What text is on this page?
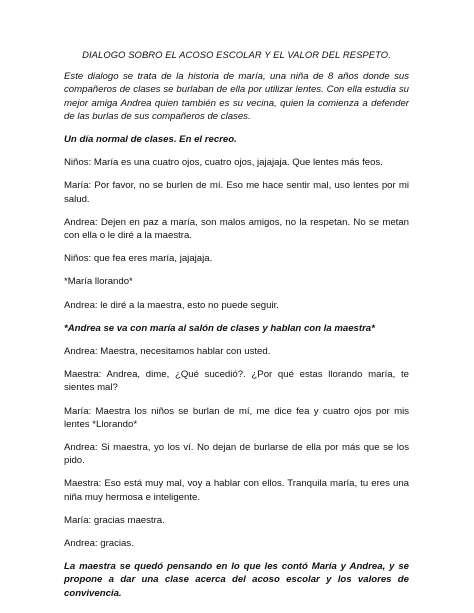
DIALOGO SOBRO EL ACOSO ESCOLAR Y EL VALOR DEL RESPETO.

Este dialogo se trata de la historia de maría, una niña de 8 años donde sus compañeros de clases se burlaban de ella por utilizar lentes. Con ella estudia su mejor amiga Andrea quien también es su vecina, quien la comienza a defender de las burlas de sus compañeros de clases.

Un día normal de clases. En el recreo.

Niños: María es una cuatro ojos, cuatro ojos, jajajaja. Que lentes más feos.

María: Por favor, no se burlen de mí. Eso me hace sentir mal, uso lentes por mi salud.

Andrea: Dejen en paz a maría, son malos amigos, no la respetan. No se metan con ella o le diré a la maestra.

Niños: que fea eres maría, jajajaja.

*María llorando*

Andrea: le diré a la maestra, esto no puede seguir.

*Andrea se va con maría al salón de clases y hablan con la maestra*

Andrea: Maestra, necesitamos hablar con usted.

Maestra: Andrea, dime, ¿Qué sucedió?. ¿Por qué estas llorando maría, te sientes mal?

María: Maestra los niños se burlan de mí, me dice fea y cuatro ojos por mis lentes *Llorando*

Andrea: Si maestra, yo los ví. No dejan de burlarse de ella por más que se los pido.

Maestra: Eso está muy mal, voy a hablar con ellos. Tranquila maría, tu eres una niña muy hermosa e inteligente.

María: gracias maestra.

Andrea: gracias.

La maestra se quedó pensando en lo que les contó María y Andrea, y se propone a dar una clase acerca del acoso escolar y los valores de convivencia.
